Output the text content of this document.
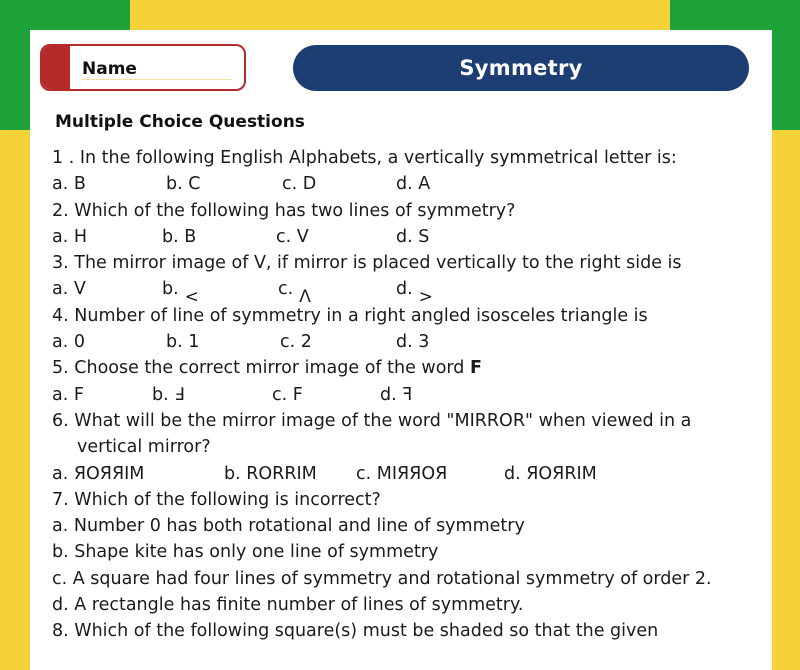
Name	Symmetry
Multiple Choice Questions
1 . In the following English Alphabets, a vertically symmetrical letter is:
a. B	b. C	c. D	d. A
2. Which of the following has two lines of symmetry?
a. H	b. B	c. V	d. S
3. The mirror image of V, if mirror is placed vertically to the right side is
a. V	b. <	c. Λ	d. >
4. Number of line of symmetry in a right angled isosceles triangle is
a. 0	b. 1	c. 2	d. 3
5. Choose the correct mirror image of the word F
a. F	b. Ⅎ	c. Ϝ	d. ꟻ
6. What will be the mirror image of the word "MIRROR" when viewed in a
vertical mirror?
a. ЯОЯЯIM	b. RORRIM c. MIЯЯOЯ	d. ЯOЯRIM
7. Which of the following is incorrect?
a. Number 0 has both rotational and line of symmetry
b. Shape kite has only one line of symmetry
c. A square had four lines of symmetry and rotational symmetry of order 2.
d. A rectangle has finite number of lines of symmetry.
8. Which of the following square(s) must be shaded so that the given
